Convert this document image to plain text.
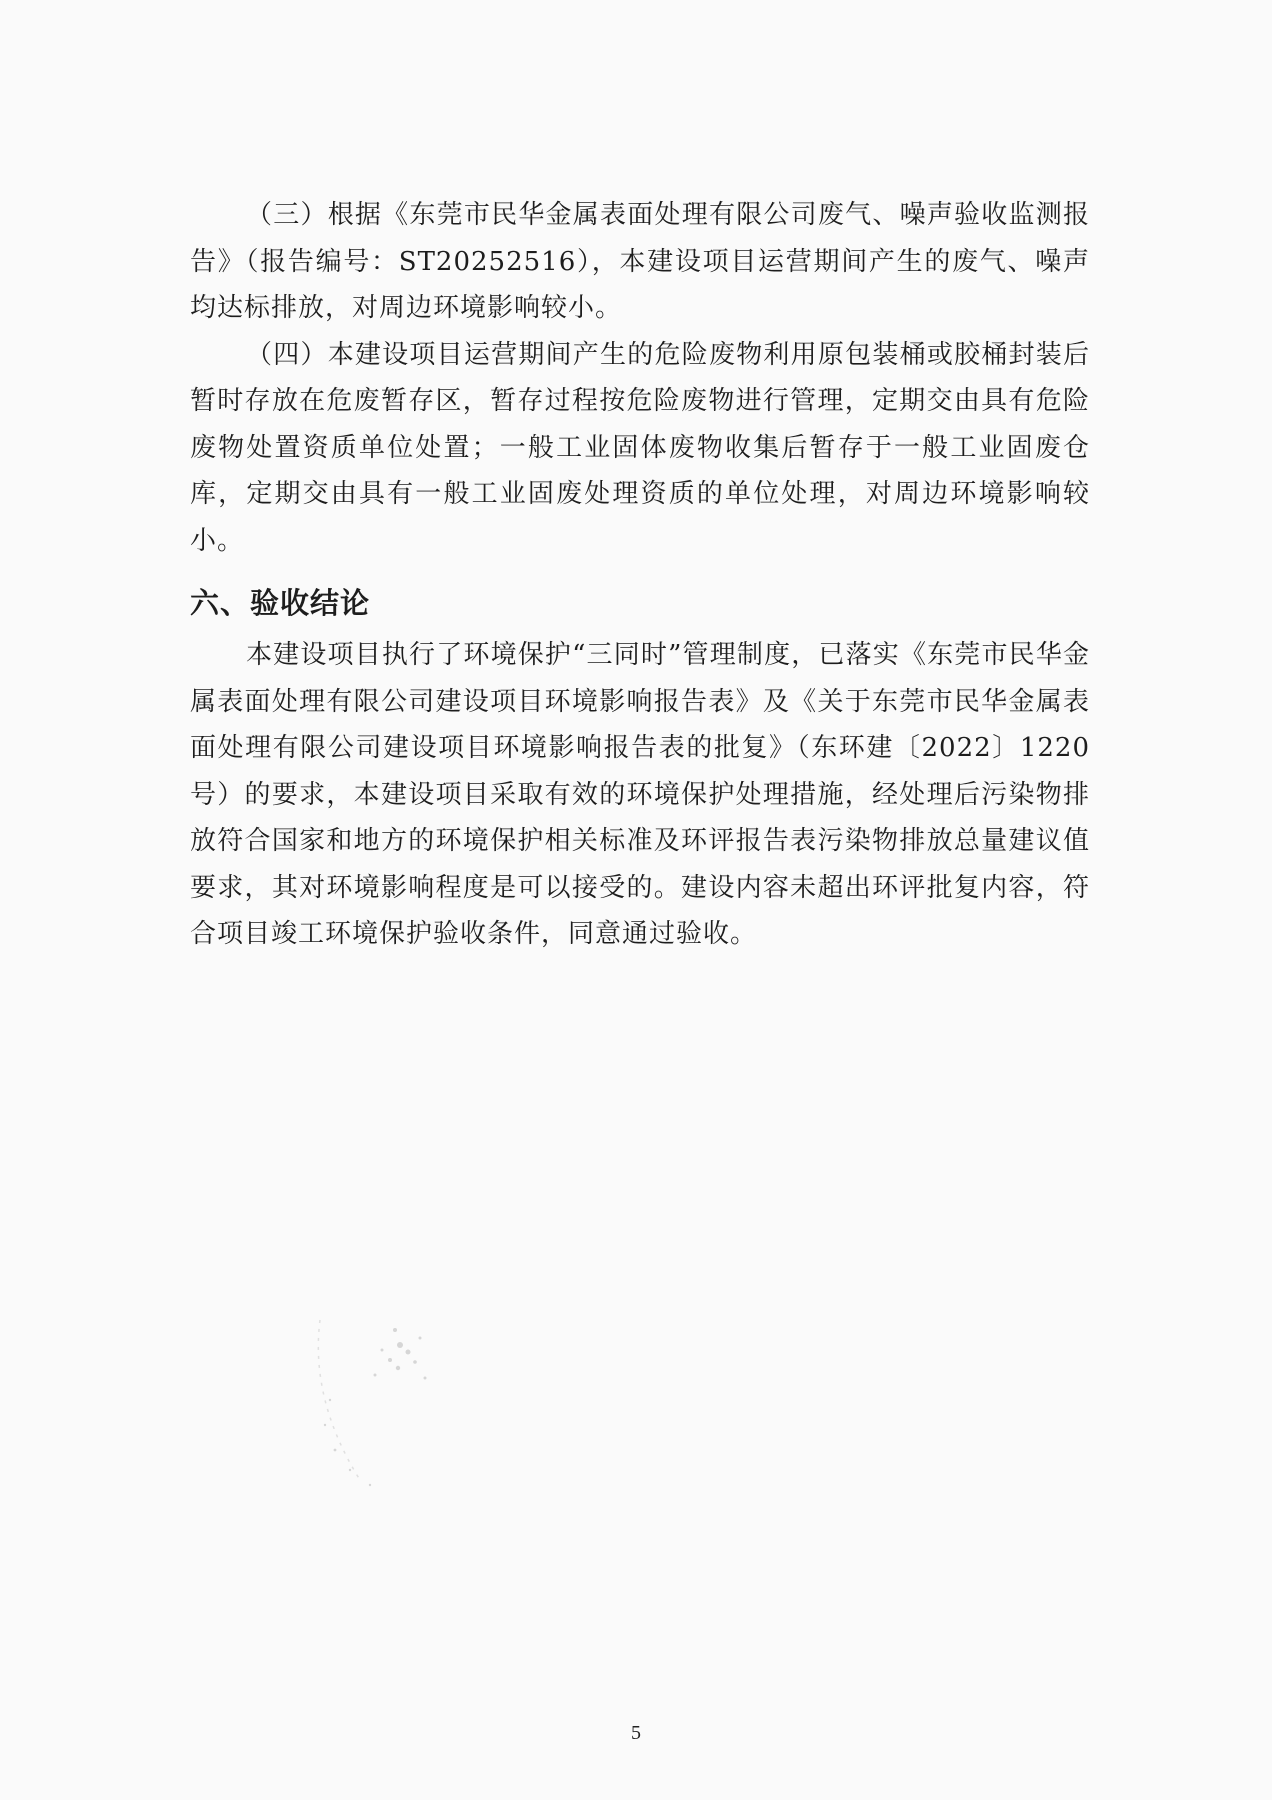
（三）根据《东莞市民华金属表面处理有限公司废气、噪声验收监测报告》（报告编号：ST20252516），本建设项目运营期间产生的废气、噪声均达标排放，对周边环境影响较小。

（四）本建设项目运营期间产生的危险废物利用原包装桶或胶桶封装后暂时存放在危废暂存区，暂存过程按危险废物进行管理，定期交由具有危险废物处置资质单位处置；一般工业固体废物收集后暂存于一般工业固废仓库，定期交由具有一般工业固废处理资质的单位处理，对周边环境影响较小。

六、验收结论

本建设项目执行了环境保护“三同时”管理制度，已落实《东莞市民华金属表面处理有限公司建设项目环境影响报告表》及《关于东莞市民华金属表面处理有限公司建设项目环境影响报告表的批复》（东环建〔2022〕1220号）的要求，本建设项目采取有效的环境保护处理措施，经处理后污染物排放符合国家和地方的环境保护相关标准及环评报告表污染物排放总量建议值要求，其对环境影响程度是可以接受的。建设内容未超出环评批复内容，符合项目竣工环境保护验收条件，同意通过验收。

5
